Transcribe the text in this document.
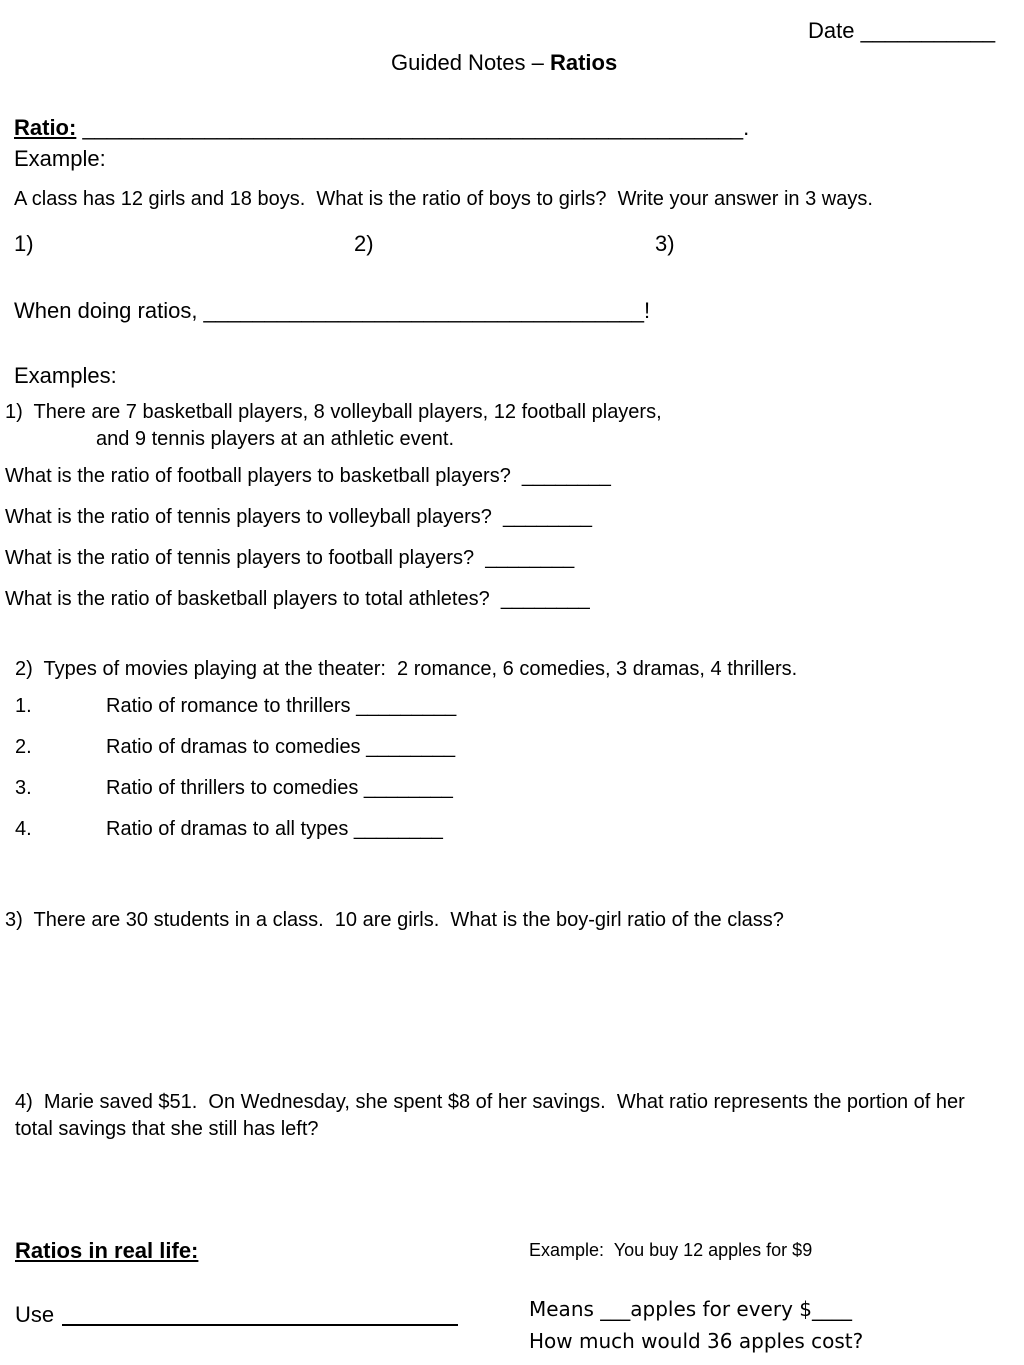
Date ___________
Guided Notes – Ratios
Ratio: ______________________________________________________.
Example:
A class has 12 girls and 18 boys.  What is the ratio of boys to girls?  Write your answer in 3 ways.
1)	2)	3)
When doing ratios, ____________________________________!
Examples:
1)  There are 7 basketball players, 8 volleyball players, 12 football players,
and 9 tennis players at an athletic event.
What is the ratio of football players to basketball players?  ________
What is the ratio of tennis players to volleyball players?  ________
What is the ratio of tennis players to football players?  ________
What is the ratio of basketball players to total athletes?  ________
2)  Types of movies playing at the theater:  2 romance, 6 comedies, 3 dramas, 4 thrillers.
1.	Ratio of romance to thrillers _________
2.	Ratio of dramas to comedies ________
3.	Ratio of thrillers to comedies ________
4.	Ratio of dramas to all types ________
3)  There are 30 students in a class.  10 are girls.  What is the boy-girl ratio of the class?
4)  Marie saved $51.  On Wednesday, she spent $8 of her savings.  What ratio represents the portion of her
total savings that she still has left?
Ratios in real life:
Use
Example:  You buy 12 apples for $9
Means ___apples for every $____
How much would 36 apples cost?
